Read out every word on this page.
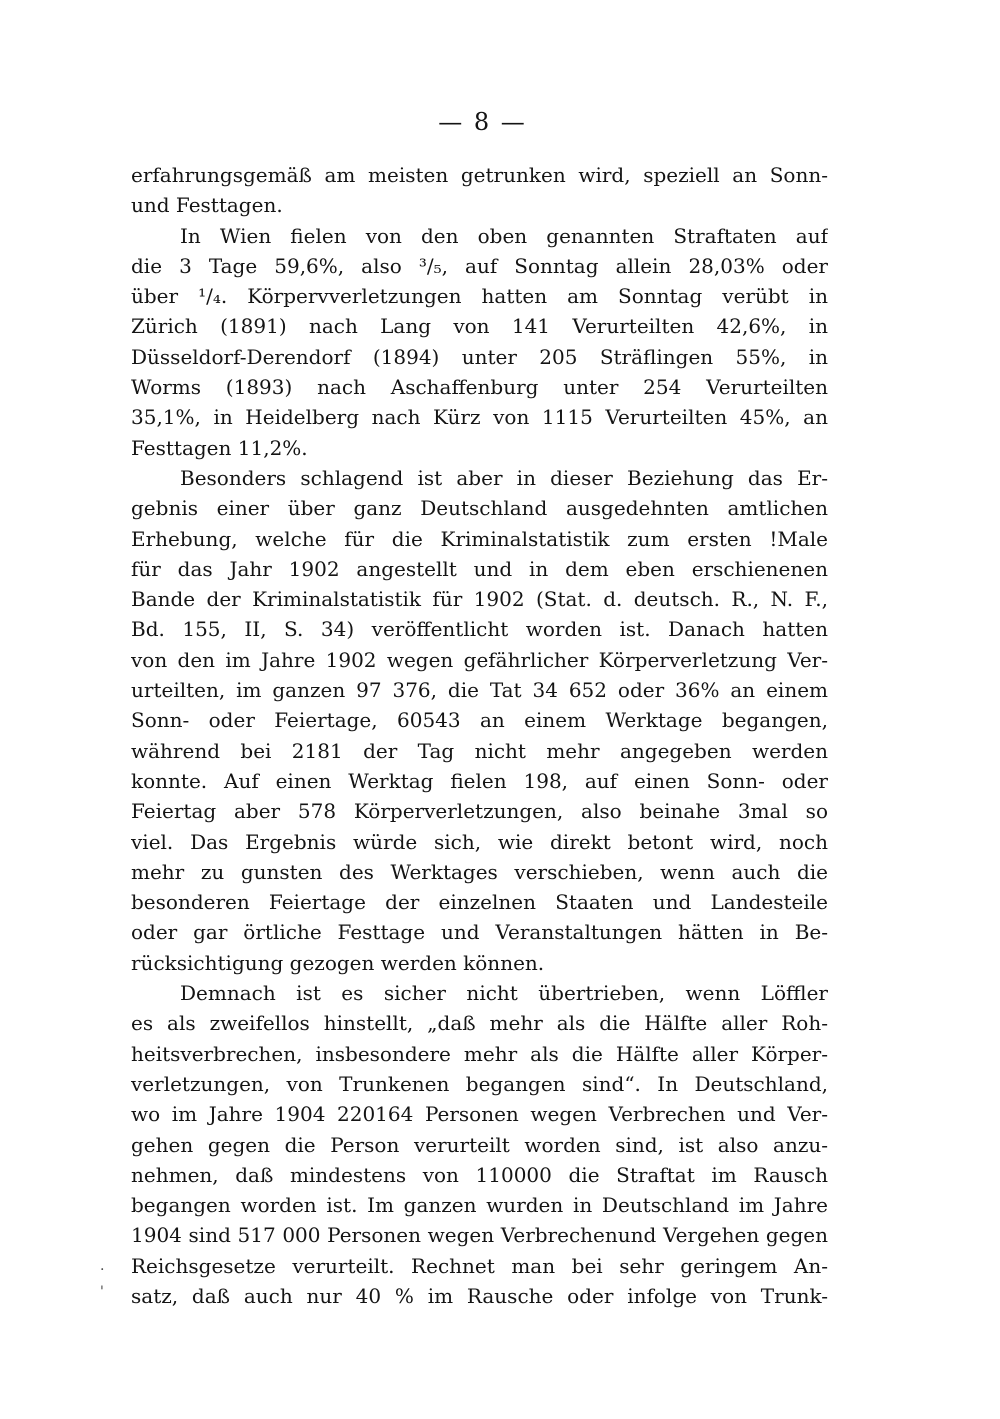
— 8 —
erfahrungsgemäß am meisten getrunken wird, speziell an Sonn-
und Festtagen.
In Wien fielen von den oben genannten Straftaten auf
die 3 Tage 59,6%, also ³/₅, auf Sonntag allein 28,03% oder
über ¹/₄. Körpervverletzungen hatten am Sonntag verübt in
Zürich (1891) nach Lang von 141 Verurteilten 42,6%, in
Düsseldorf-Derendorf (1894) unter 205 Sträflingen 55%, in
Worms (1893) nach Aschaffenburg unter 254 Verurteilten
35,1%, in Heidelberg nach Kürz von 1115 Verurteilten 45%, an
Festtagen 11,2%.
Besonders schlagend ist aber in dieser Beziehung das Er-
gebnis einer über ganz Deutschland ausgedehnten amtlichen
Erhebung, welche für die Kriminalstatistik zum ersten !Male
für das Jahr 1902 angestellt und in dem eben erschienenen
Bande der Kriminalstatistik für 1902 (Stat. d. deutsch. R., N. F.,
Bd. 155, II, S. 34) veröffentlicht worden ist. Danach hatten
von den im Jahre 1902 wegen gefährlicher Körperverletzung Ver-
urteilten, im ganzen 97 376, die Tat 34 652 oder 36% an einem
Sonn- oder Feiertage, 60543 an einem Werktage begangen,
während bei 2181 der Tag nicht mehr angegeben werden
konnte. Auf einen Werktag fielen 198, auf einen Sonn- oder
Feiertag aber 578 Körperverletzungen, also beinahe 3mal so
viel. Das Ergebnis würde sich, wie direkt betont wird, noch
mehr zu gunsten des Werktages verschieben, wenn auch die
besonderen Feiertage der einzelnen Staaten und Landesteile
oder gar örtliche Festtage und Veranstaltungen hätten in Be-
rücksichtigung gezogen werden können.
Demnach ist es sicher nicht übertrieben, wenn Löffler
es als zweifellos hinstellt, „daß mehr als die Hälfte aller Roh-
heitsverbrechen, insbesondere mehr als die Hälfte aller Körper-
verletzungen, von Trunkenen begangen sind“. In Deutschland,
wo im Jahre 1904 220164 Personen wegen Verbrechen und Ver-
gehen gegen die Person verurteilt worden sind, ist also anzu-
nehmen, daß mindestens von 110000 die Straftat im Rausch
begangen worden ist. Im ganzen wurden in Deutschland im Jahre
1904 sind 517 000 Personen wegen Verbrechenund Vergehen gegen
Reichsgesetze verurteilt. Rechnet man bei sehr geringem An-
satz, daß auch nur 40 % im Rausche oder infolge von Trunk-
.
'
